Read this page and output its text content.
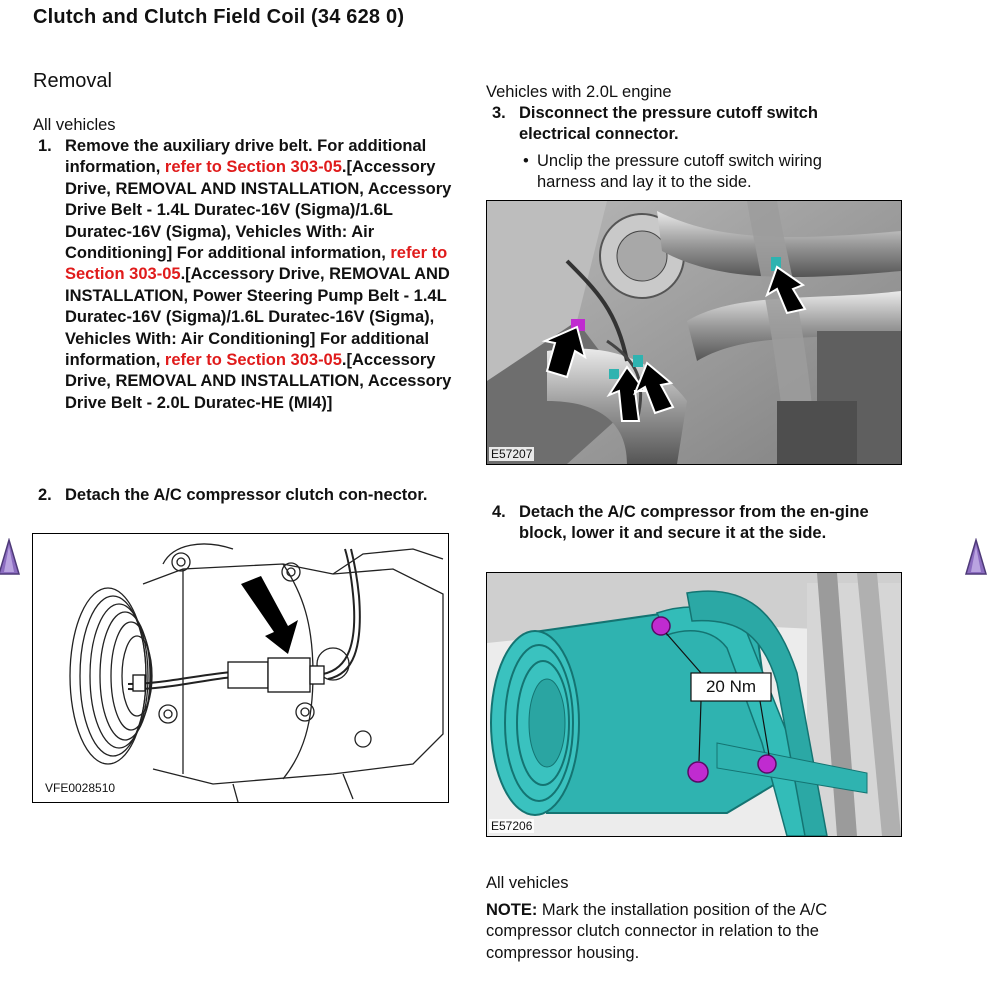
Clutch and Clutch Field Coil (34 628 0)
Removal
All vehicles
1. Remove the auxiliary drive belt. For additional information, refer to Section 303-05.[Accessory Drive, REMOVAL AND INSTALLATION, Accessory Drive Belt - 1.4L Duratec-16V (Sigma)/1.6L Duratec-16V (Sigma), Vehicles With: Air Conditioning] For additional information, refer to Section 303-05.[Accessory Drive, REMOVAL AND INSTALLATION, Power Steering Pump Belt - 1.4L Duratec-16V (Sigma)/1.6L Duratec-16V (Sigma), Vehicles With: Air Conditioning] For additional information, refer to Section 303-05.[Accessory Drive, REMOVAL AND INSTALLATION, Accessory Drive Belt - 2.0L Duratec-HE (MI4)]
2. Detach the A/C compressor clutch con-nector.
VFE0028510
Vehicles with 2.0L engine
3. Disconnect the pressure cutoff switch electrical connector.
• Unclip the pressure cutoff switch wiring harness and lay it to the side.
E57207
4. Detach the A/C compressor from the en-gine block, lower it and secure it at the side.
20 Nm
E57206
All vehicles
NOTE: Mark the installation position of the A/C compressor clutch connector in relation to the compressor housing.
